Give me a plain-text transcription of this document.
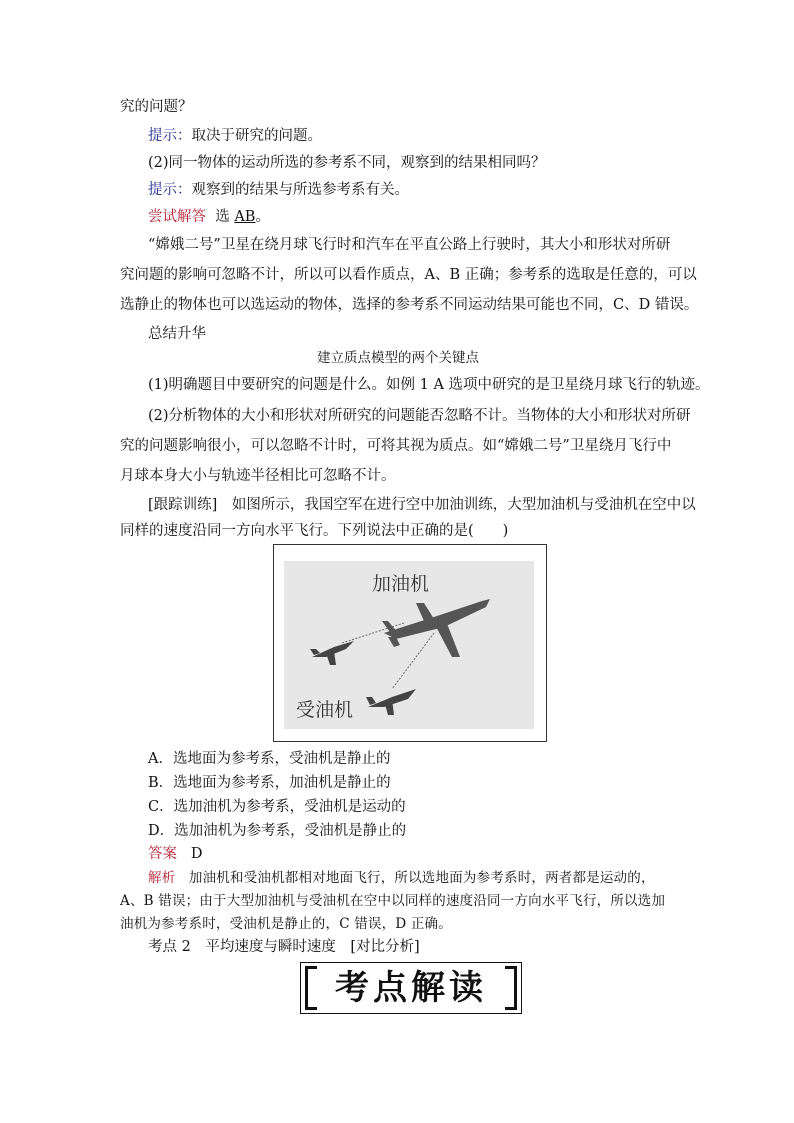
究的问题？
提示：取决于研究的问题。
(2)同一物体的运动所选的参考系不同，观察到的结果相同吗？
提示：观察到的结果与所选参考系有关。
尝试解答 选 AB。
“嫦娥二号”卫星在绕月球飞行时和汽车在平直公路上行驶时，其大小和形状对所研
究问题的影响可忽略不计，所以可以看作质点，A、B 正确；参考系的选取是任意的，可以
选静止的物体也可以选运动的物体，选择的参考系不同运动结果可能也不同，C、D 错误。
总结升华
建立质点模型的两个关键点
(1)明确题目中要研究的问题是什么。如例 1 A 选项中研究的是卫星绕月球飞行的轨迹。
(2)分析物体的大小和形状对所研究的问题能否忽略不计。当物体的大小和形状对所研
究的问题影响很小，可以忽略不计时，可将其视为质点。如“嫦娥二号”卫星绕月飞行中
月球本身大小与轨迹半径相比可忽略不计。
[跟踪训练]　如图所示，我国空军在进行空中加油训练，大型加油机与受油机在空中以
同样的速度沿同一方向水平飞行。下列说法中正确的是(　　)
加油机
受油机
A．选地面为参考系，受油机是静止的
B．选地面为参考系，加油机是静止的
C．选加油机为参考系，受油机是运动的
D．选加油机为参考系，受油机是静止的
答案 D
解析 加油机和受油机都相对地面飞行，所以选地面为参考系时，两者都是运动的，
A、B 错误；由于大型加油机与受油机在空中以同样的速度沿同一方向水平飞行，所以选加
油机为参考系时，受油机是静止的，C 错误，D 正确。
考点 2　平均速度与瞬时速度　[对比分析]
考点解读
